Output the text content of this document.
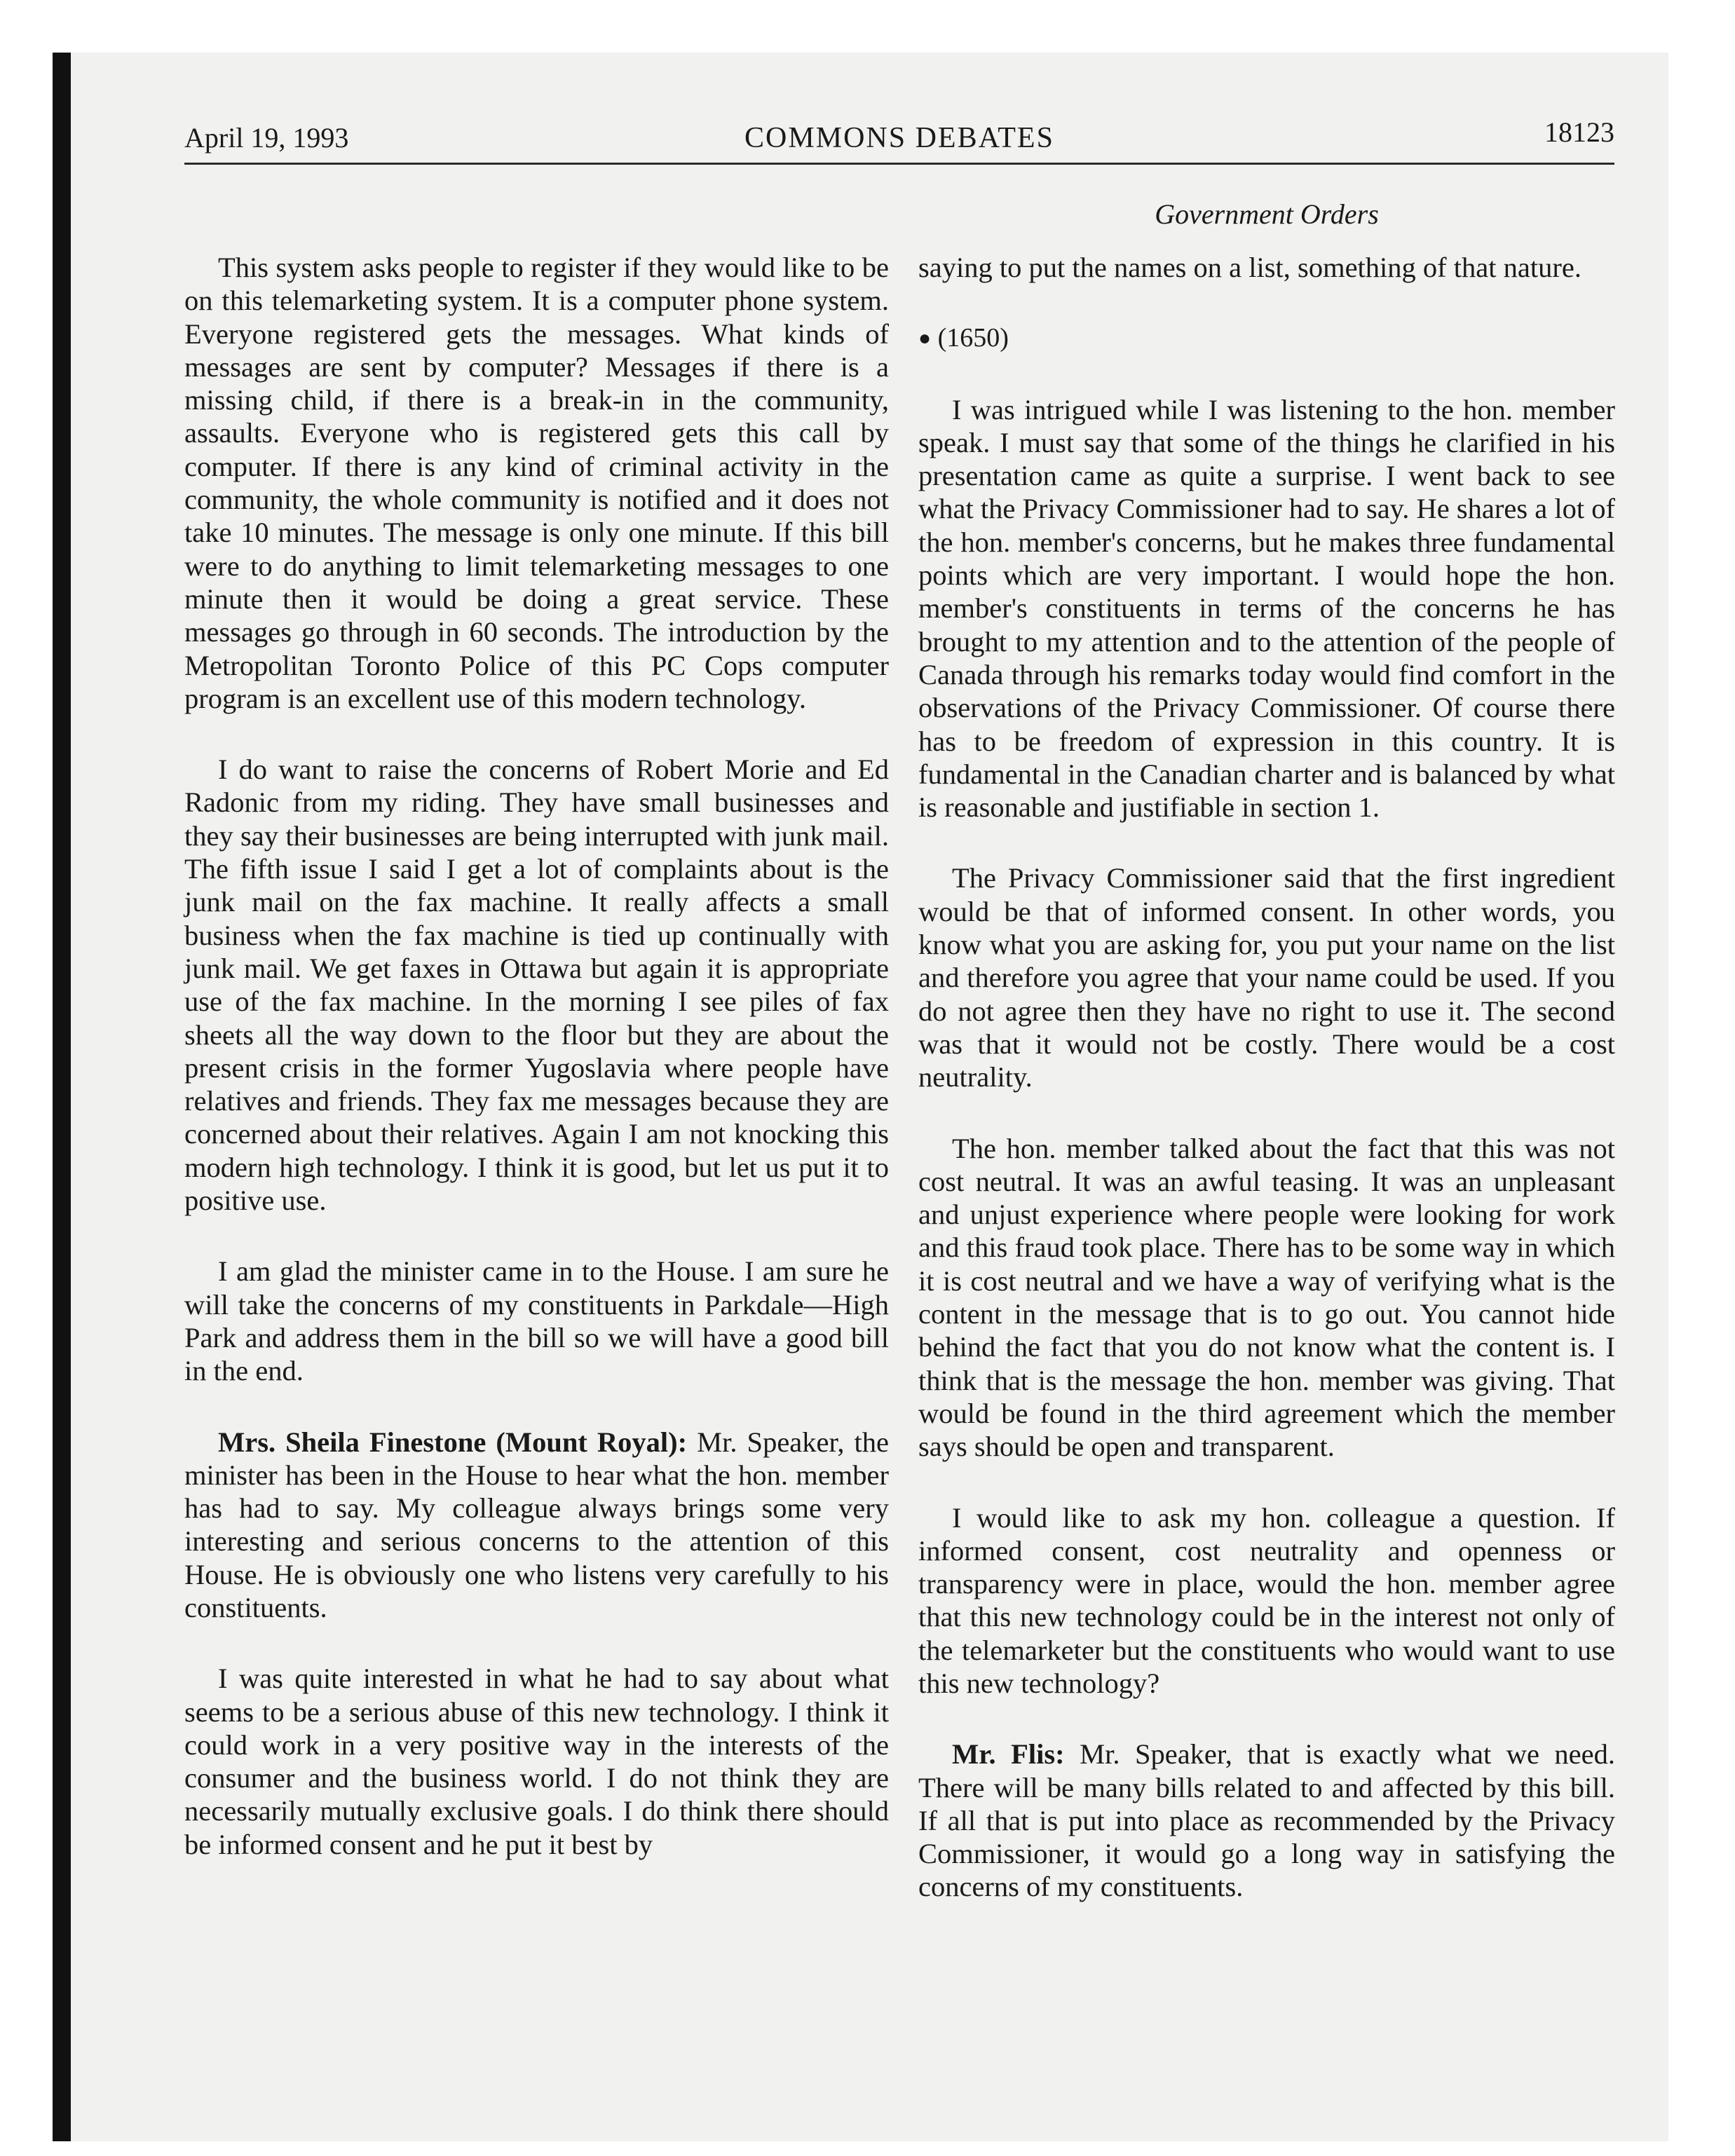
April 19, 1993	COMMONS DEBATES	18123
Government Orders

This system asks people to register if they would like to be on this telemarketing system. It is a computer phone system. Everyone registered gets the messages. What kinds of messages are sent by computer? Messages if there is a missing child, if there is a break-in in the community, assaults. Everyone who is registered gets this call by computer. If there is any kind of criminal activity in the community, the whole community is notified and it does not take 10 minutes. The message is only one minute. If this bill were to do anything to limit telemarketing messages to one minute then it would be doing a great service. These messages go through in 60 seconds. The introduction by the Metropolitan Toronto Police of this PC Cops computer program is an excellent use of this modern technology.

I do want to raise the concerns of Robert Morie and Ed Radonic from my riding. They have small businesses and they say their businesses are being interrupted with junk mail. The fifth issue I said I get a lot of complaints about is the junk mail on the fax machine. It really affects a small business when the fax machine is tied up continually with junk mail. We get faxes in Ottawa but again it is appropriate use of the fax machine. In the morning I see piles of fax sheets all the way down to the floor but they are about the present crisis in the former Yugoslavia where people have relatives and friends. They fax me messages because they are concerned about their relatives. Again I am not knocking this modern high technology. I think it is good, but let us put it to positive use.

I am glad the minister came in to the House. I am sure he will take the concerns of my constituents in Parkdale—High Park and address them in the bill so we will have a good bill in the end.

Mrs. Sheila Finestone (Mount Royal): Mr. Speaker, the minister has been in the House to hear what the hon. member has had to say. My colleague always brings some very interesting and serious concerns to the attention of this House. He is obviously one who listens very carefully to his constituents.

I was quite interested in what he had to say about what seems to be a serious abuse of this new technology. I think it could work in a very positive way in the interests of the consumer and the business world. I do not think they are necessarily mutually exclusive goals. I do think there should be informed consent and he put it best by

saying to put the names on a list, something of that nature.

● (1650)

I was intrigued while I was listening to the hon. member speak. I must say that some of the things he clarified in his presentation came as quite a surprise. I went back to see what the Privacy Commissioner had to say. He shares a lot of the hon. member's concerns, but he makes three fundamental points which are very important. I would hope the hon. member's constituents in terms of the concerns he has brought to my attention and to the attention of the people of Canada through his remarks today would find comfort in the observations of the Privacy Commissioner. Of course there has to be freedom of expression in this country. It is fundamental in the Canadian charter and is balanced by what is reasonable and justifiable in section 1.

The Privacy Commissioner said that the first ingredient would be that of informed consent. In other words, you know what you are asking for, you put your name on the list and therefore you agree that your name could be used. If you do not agree then they have no right to use it. The second was that it would not be costly. There would be a cost neutrality.

The hon. member talked about the fact that this was not cost neutral. It was an awful teasing. It was an unpleasant and unjust experience where people were looking for work and this fraud took place. There has to be some way in which it is cost neutral and we have a way of verifying what is the content in the message that is to go out. You cannot hide behind the fact that you do not know what the content is. I think that is the message the hon. member was giving. That would be found in the third agreement which the member says should be open and transparent.

I would like to ask my hon. colleague a question. If informed consent, cost neutrality and openness or transparency were in place, would the hon. member agree that this new technology could be in the interest not only of the telemarketer but the constituents who would want to use this new technology?

Mr. Flis: Mr. Speaker, that is exactly what we need. There will be many bills related to and affected by this bill. If all that is put into place as recommended by the Privacy Commissioner, it would go a long way in satisfying the concerns of my constituents.
